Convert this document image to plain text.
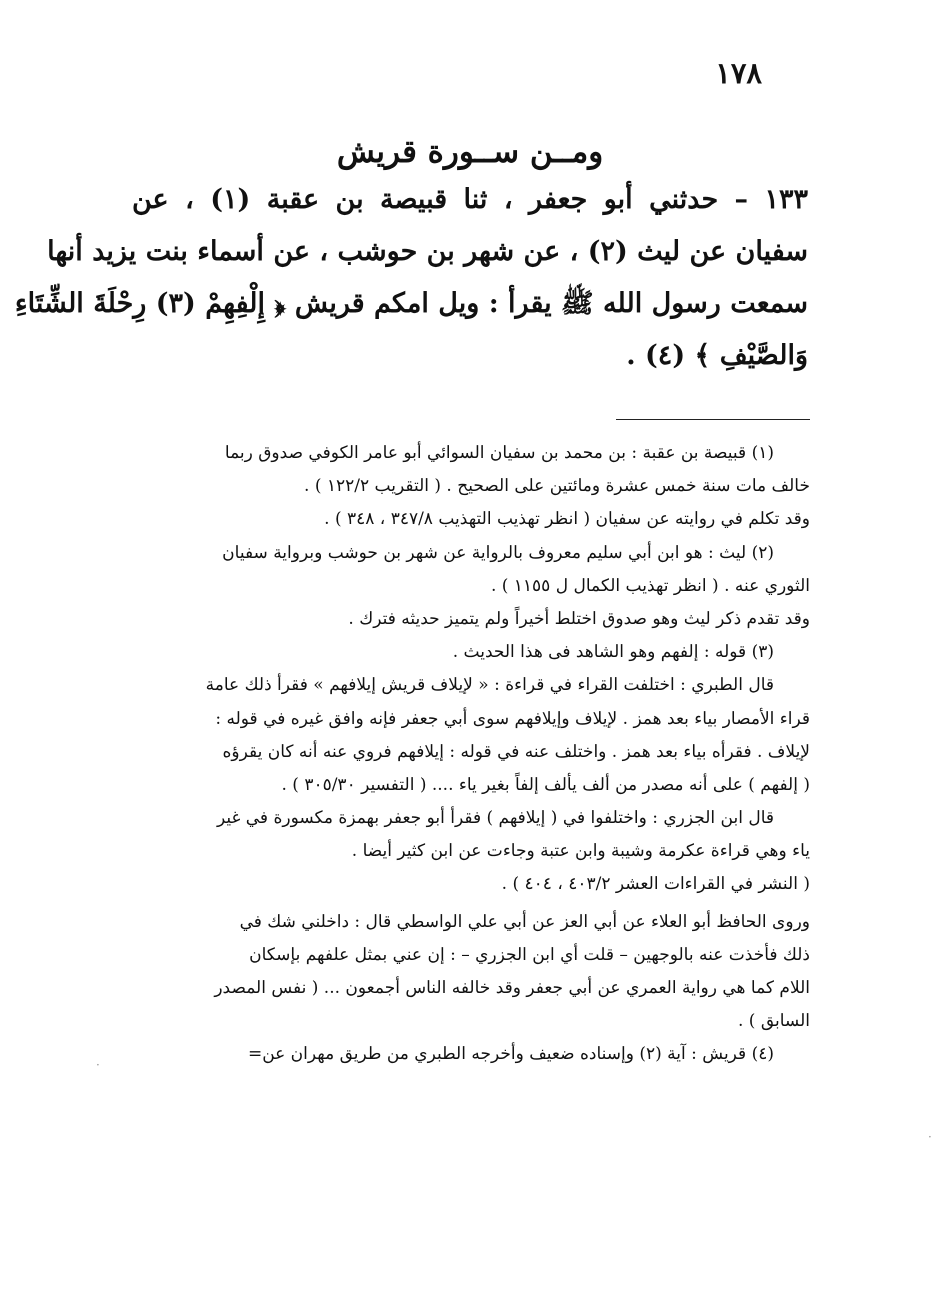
١٧٨
ومــن ســورة قريش
١٣٣ – حدثني أبو جعفر ، ثنا قبيصة بن عقبة (١) ، عن
سفيان عن ليث (٢) ، عن شهر بن حوشب ، عن أسماء بنت يزيد أنها
سمعت رسول الله ﷺ يقرأ : ويل امكم قريش ﴿ إِلْفِهِمْ (٣) رِحْلَةَ الشِّتَاءِ
وَالصَّيْفِ ﴾ (٤) .
(١) قبيصة بن عقبة : بن محمد بن سفيان السوائي أبو عامر الكوفي صدوق ربما
خالف مات سنة خمس عشرة ومائتين على الصحيح . ( التقريب ١٢٢/٢ ) .
وقد تكلم في روايته عن سفيان ( انظر تهذيب التهذيب ٣٤٧/٨ ، ٣٤٨ ) .
(٢) ليث : هو ابن أبي سليم معروف بالرواية عن شهر بن حوشب وبرواية سفيان
الثوري عنه . ( انظر تهذيب الكمال ل ١١٥٥ ) .
وقد تقدم ذكر ليث وهو صدوق اختلط أخيراً ولم يتميز حديثه فترك .
(٣) قوله : إلفهم وهو الشاهد فى هذا الحديث .
قال الطبري : اختلفت القراء في قراءة : « لإيلاف قريش إيلافهم » فقرأ ذلك عامة
قراء الأمصار بياء بعد همز . لإيلاف وإيلافهم سوى أبي جعفر فإنه وافق غيره في قوله :
لإيلاف . فقرأه بياء بعد همز . واختلف عنه في قوله : إيلافهم فروي عنه أنه كان يقرؤه
( إلفهم ) على أنه مصدر من ألف يألف إلفاً بغير ياء .... ( التفسير ٣٠٥/٣٠ ) .
قال ابن الجزري : واختلفوا في ( إيلافهم ) فقرأ أبو جعفر بهمزة مكسورة في غير
ياء وهي قراءة عكرمة وشيبة وابن عتبة وجاءت عن ابن كثير أيضا .
( النشر في القراءات العشر ٤٠٣/٢ ، ٤٠٤ ) .
وروى الحافظ أبو العلاء عن أبي العز عن أبي علي الواسطي قال : داخلني شك في
ذلك فأخذت عنه بالوجهين – قلت أي ابن الجزري – : إن عني بمثل علفهم بإسكان
اللام كما هي رواية العمري عن أبي جعفر وقد خالفه الناس أجمعون ... ( نفس المصدر
السابق ) .
(٤) قريش : آية (٢) وإسناده ضعيف وأخرجه الطبري من طريق مهران عن=
·
·
